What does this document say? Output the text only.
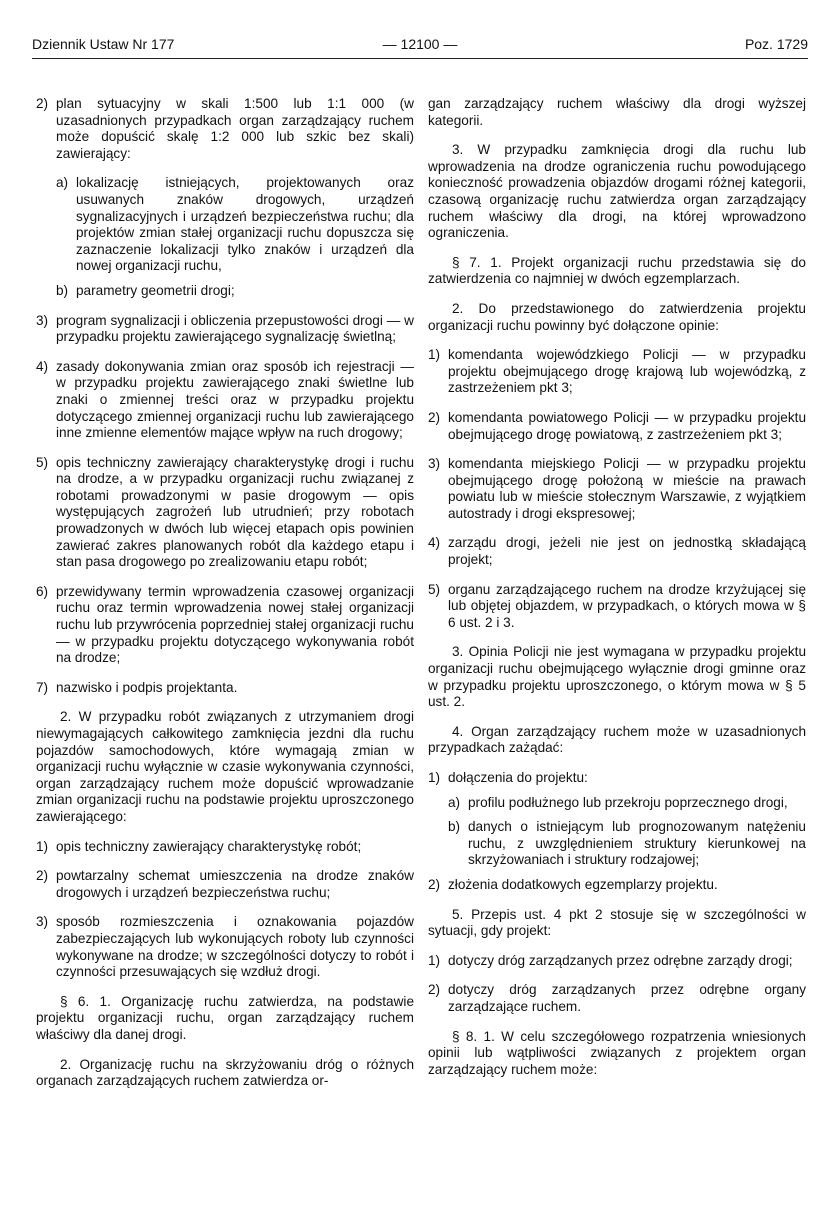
Dziennik Ustaw Nr 177	— 12100 —	Poz. 1729
2) plan sytuacyjny w skali 1:500 lub 1:1 000 (w uzasadnionych przypadkach organ zarządzający ruchem może dopuścić skalę 1:2 000 lub szkic bez skali) zawierający:
a) lokalizację istniejących, projektowanych oraz usuwanych znaków drogowych, urządzeń sygnalizacyjnych i urządzeń bezpieczeństwa ruchu; dla projektów zmian stałej organizacji ruchu dopuszcza się zaznaczenie lokalizacji tylko znaków i urządzeń dla nowej organizacji ruchu,
b) parametry geometrii drogi;
3) program sygnalizacji i obliczenia przepustowości drogi — w przypadku projektu zawierającego sygnalizację świetlną;
4) zasady dokonywania zmian oraz sposób ich rejestracji — w przypadku projektu zawierającego znaki świetlne lub znaki o zmiennej treści oraz w przypadku projektu dotyczącego zmiennej organizacji ruchu lub zawierającego inne zmienne elementów mające wpływ na ruch drogowy;
5) opis techniczny zawierający charakterystykę drogi i ruchu na drodze, a w przypadku organizacji ruchu związanej z robotami prowadzonymi w pasie drogowym — opis występujących zagrożeń lub utrudnień; przy robotach prowadzonych w dwóch lub więcej etapach opis powinien zawierać zakres planowanych robót dla każdego etapu i stan pasa drogowego po zrealizowaniu etapu robót;
6) przewidywany termin wprowadzenia czasowej organizacji ruchu oraz termin wprowadzenia nowej stałej organizacji ruchu lub przywrócenia poprzedniej stałej organizacji ruchu — w przypadku projektu dotyczącego wykonywania robót na drodze;
7) nazwisko i podpis projektanta.

2. W przypadku robót związanych z utrzymaniem drogi niewymagających całkowitego zamknięcia jezdni dla ruchu pojazdów samochodowych, które wymagają zmian w organizacji ruchu wyłącznie w czasie wykonywania czynności, organ zarządzający ruchem może dopuścić wprowadzanie zmian organizacji ruchu na podstawie projektu uproszczonego zawierającego:

1) opis techniczny zawierający charakterystykę robót;
2) powtarzalny schemat umieszczenia na drodze znaków drogowych i urządzeń bezpieczeństwa ruchu;
3) sposób rozmieszczenia i oznakowania pojazdów zabezpieczających lub wykonujących roboty lub czynności wykonywane na drodze; w szczególności dotyczy to robót i czynności przesuwających się wzdłuż drogi.

§ 6. 1. Organizację ruchu zatwierdza, na podstawie projektu organizacji ruchu, organ zarządzający ruchem właściwy dla danej drogi.

2. Organizację ruchu na skrzyżowaniu dróg o różnych organach zarządzających ruchem zatwierdza or-

gan zarządzający ruchem właściwy dla drogi wyższej kategorii.

3. W przypadku zamknięcia drogi dla ruchu lub wprowadzenia na drodze ograniczenia ruchu powodującego konieczność prowadzenia objazdów drogami różnej kategorii, czasową organizację ruchu zatwierdza organ zarządzający ruchem właściwy dla drogi, na której wprowadzono ograniczenia.

§ 7. 1. Projekt organizacji ruchu przedstawia się do zatwierdzenia co najmniej w dwóch egzemplarzach.

2. Do przedstawionego do zatwierdzenia projektu organizacji ruchu powinny być dołączone opinie:

1) komendanta wojewódzkiego Policji — w przypadku projektu obejmującego drogę krajową lub wojewódzką, z zastrzeżeniem pkt 3;
2) komendanta powiatowego Policji — w przypadku projektu obejmującego drogę powiatową, z zastrzeżeniem pkt 3;
3) komendanta miejskiego Policji — w przypadku projektu obejmującego drogę położoną w mieście na prawach powiatu lub w mieście stołecznym Warszawie, z wyjątkiem autostrady i drogi ekspresowej;
4) zarządu drogi, jeżeli nie jest on jednostką składającą projekt;
5) organu zarządzającego ruchem na drodze krzyżującej się lub objętej objazdem, w przypadkach, o których mowa w § 6 ust. 2 i 3.

3. Opinia Policji nie jest wymagana w przypadku projektu organizacji ruchu obejmującego wyłącznie drogi gminne oraz w przypadku projektu uproszczonego, o którym mowa w § 5 ust. 2.

4. Organ zarządzający ruchem może w uzasadnionych przypadkach zażądać:

1) dołączenia do projektu:
a) profilu podłużnego lub przekroju poprzecznego drogi,
b) danych o istniejącym lub prognozowanym natężeniu ruchu, z uwzględnieniem struktury kierunkowej na skrzyżowaniach i struktury rodzajowej;
2) złożenia dodatkowych egzemplarzy projektu.

5. Przepis ust. 4 pkt 2 stosuje się w szczególności w sytuacji, gdy projekt:

1) dotyczy dróg zarządzanych przez odrębne zarządy drogi;
2) dotyczy dróg zarządzanych przez odrębne organy zarządzające ruchem.

§ 8. 1. W celu szczegółowego rozpatrzenia wniesionych opinii lub wątpliwości związanych z projektem organ zarządzający ruchem może:
